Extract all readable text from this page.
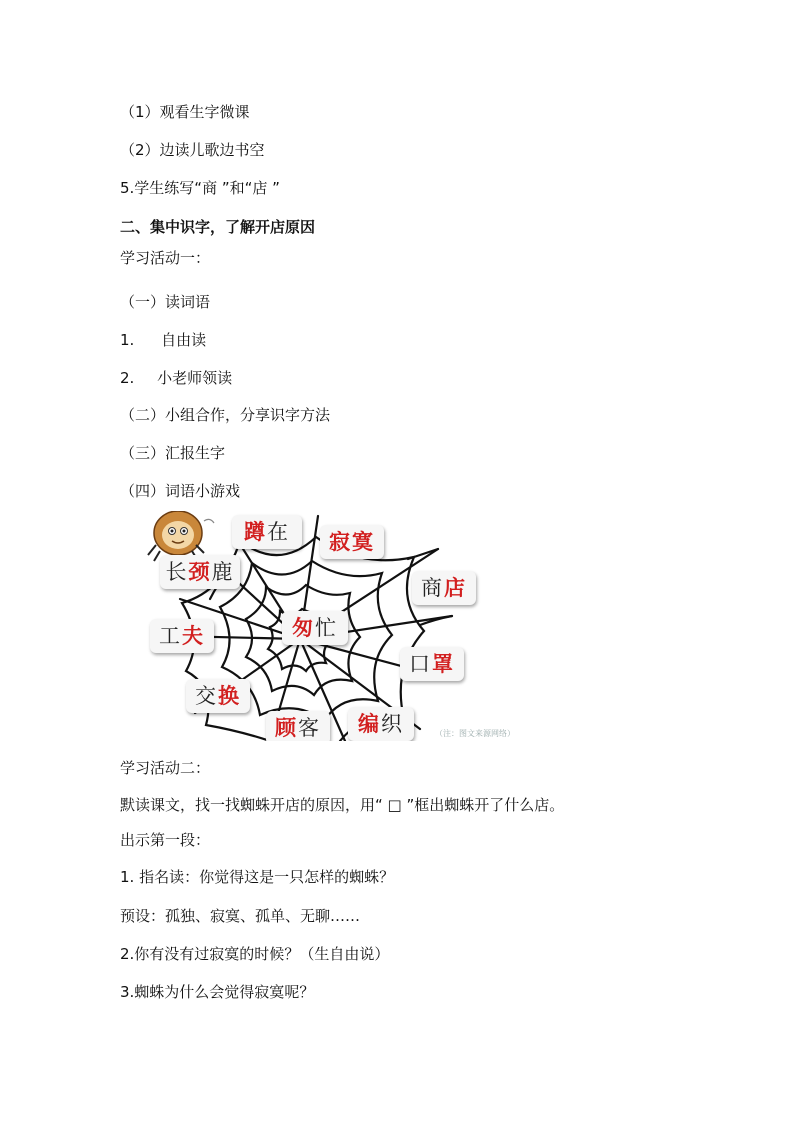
（1）观看生字微课
（2）边读儿歌边书空
5.学生练写“商 ”和“店 ”
二、集中识字，了解开店原因
学习活动一：
（一）读词语
1. 自由读
2. 小老师领读
（二）小组合作，分享识字方法
（三）汇报生字
（四）词语小游戏
蹲在	寂寞
长颈鹿
商店
匆忙
工夫
口罩
交换
顾客	编织	（注：图文来源网络）
学习活动二：
默读课文，找一找蜘蛛开店的原因，用“ □ ”框出蜘蛛开了什么店。
出示第一段：
1. 指名读：你觉得这是一只怎样的蜘蛛？
预设：孤独、寂寞、孤单、无聊……
2.你有没有过寂寞的时候？（生自由说）
3.蜘蛛为什么会觉得寂寞呢？
